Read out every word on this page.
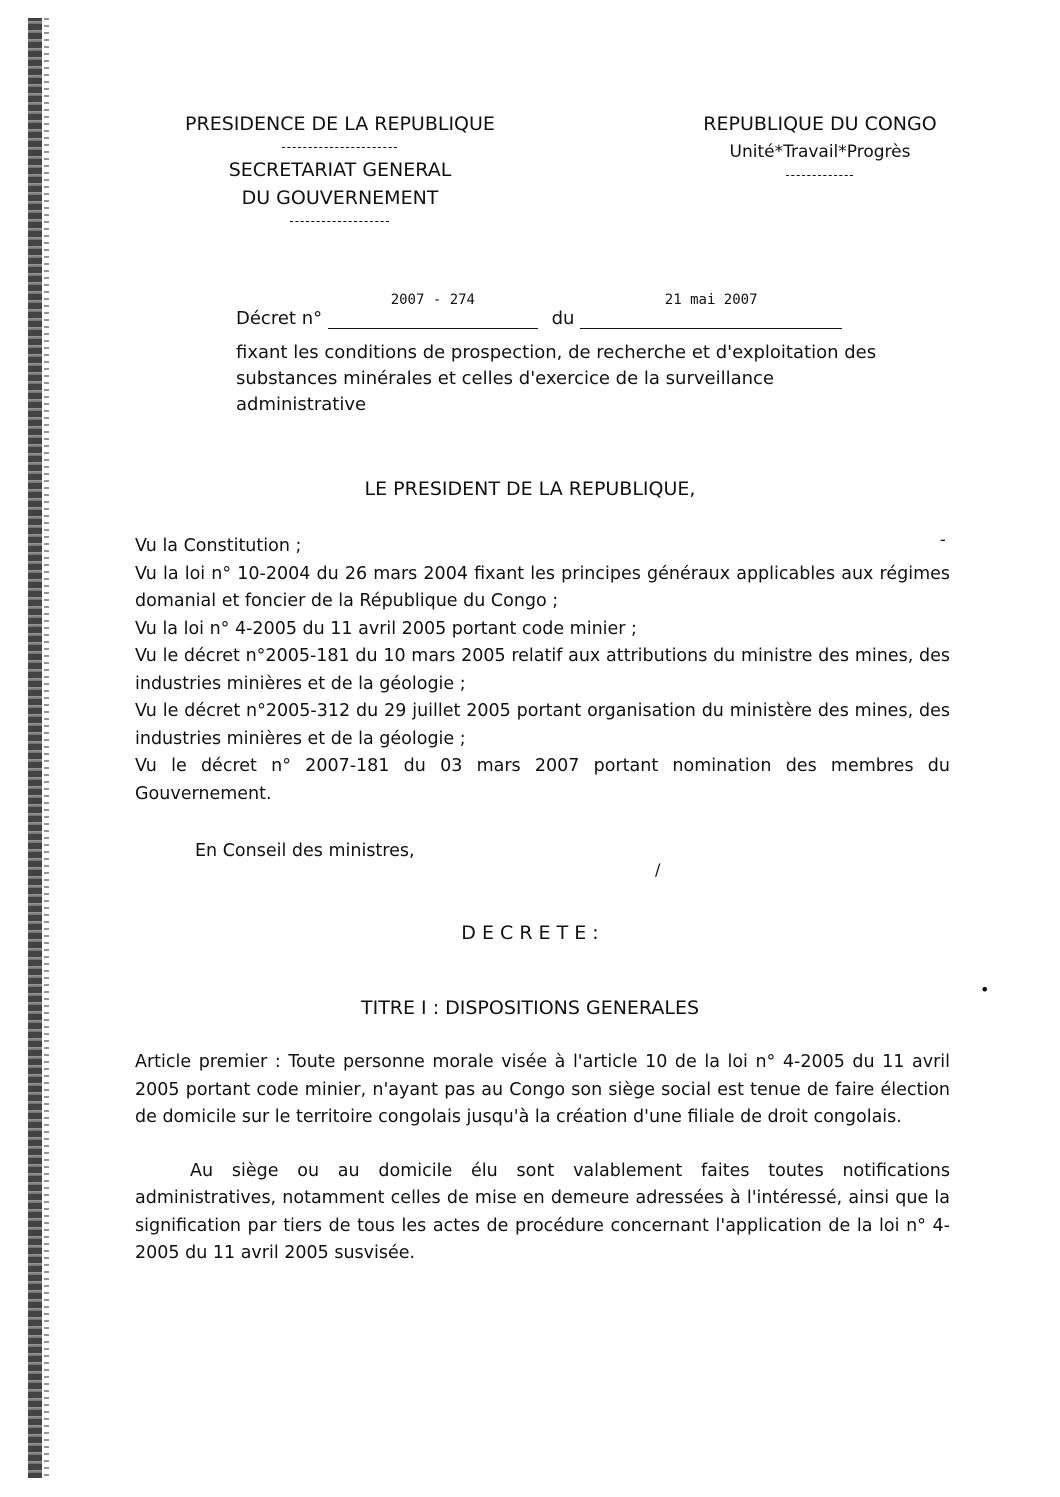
PRESIDENCE DE LA REPUBLIQUE
----------------------
SECRETARIAT GENERAL
DU GOUVERNEMENT
-------------------
REPUBLIQUE DU CONGO
Unité*Travail*Progrès
-------------
Décret n°
2007 - 274
du
21 mai 2007
fixant les conditions de prospection, de recherche et d'exploitation des substances minérales et celles d'exercice de la surveillance administrative
LE PRESIDENT DE LA REPUBLIQUE,

Vu la Constitution ;

Vu la loi n° 10-2004 du 26 mars 2004 fixant les principes généraux applicables aux régimes domanial et foncier de la République du Congo ;

Vu la loi n° 4-2005 du 11 avril 2005 portant code minier ;

Vu le décret n°2005-181 du 10 mars 2005 relatif aux attributions du ministre des mines, des industries minières et de la géologie ;

Vu le décret n°2005-312 du 29 juillet 2005 portant organisation du ministère des mines, des industries minières et de la géologie ;

Vu le décret n° 2007-181 du 03 mars 2007 portant nomination des membres du Gouvernement.

En Conseil des ministres,
/
-
•
D E C R E T E :
TITRE I : DISPOSITIONS GENERALES

Article premier : Toute personne morale visée à l'article 10 de la loi n° 4-2005 du 11 avril 2005 portant code minier, n'ayant pas au Congo son siège social est tenue de faire élection de domicile sur le territoire congolais jusqu'à la création d'une filiale de droit congolais.

Au siège ou au domicile élu sont valablement faites toutes notifications administratives, notamment celles de mise en demeure adressées à l'intéressé, ainsi que la signification par tiers de tous les actes de procédure concernant l'application de la loi n° 4-2005 du 11 avril 2005 susvisée.
